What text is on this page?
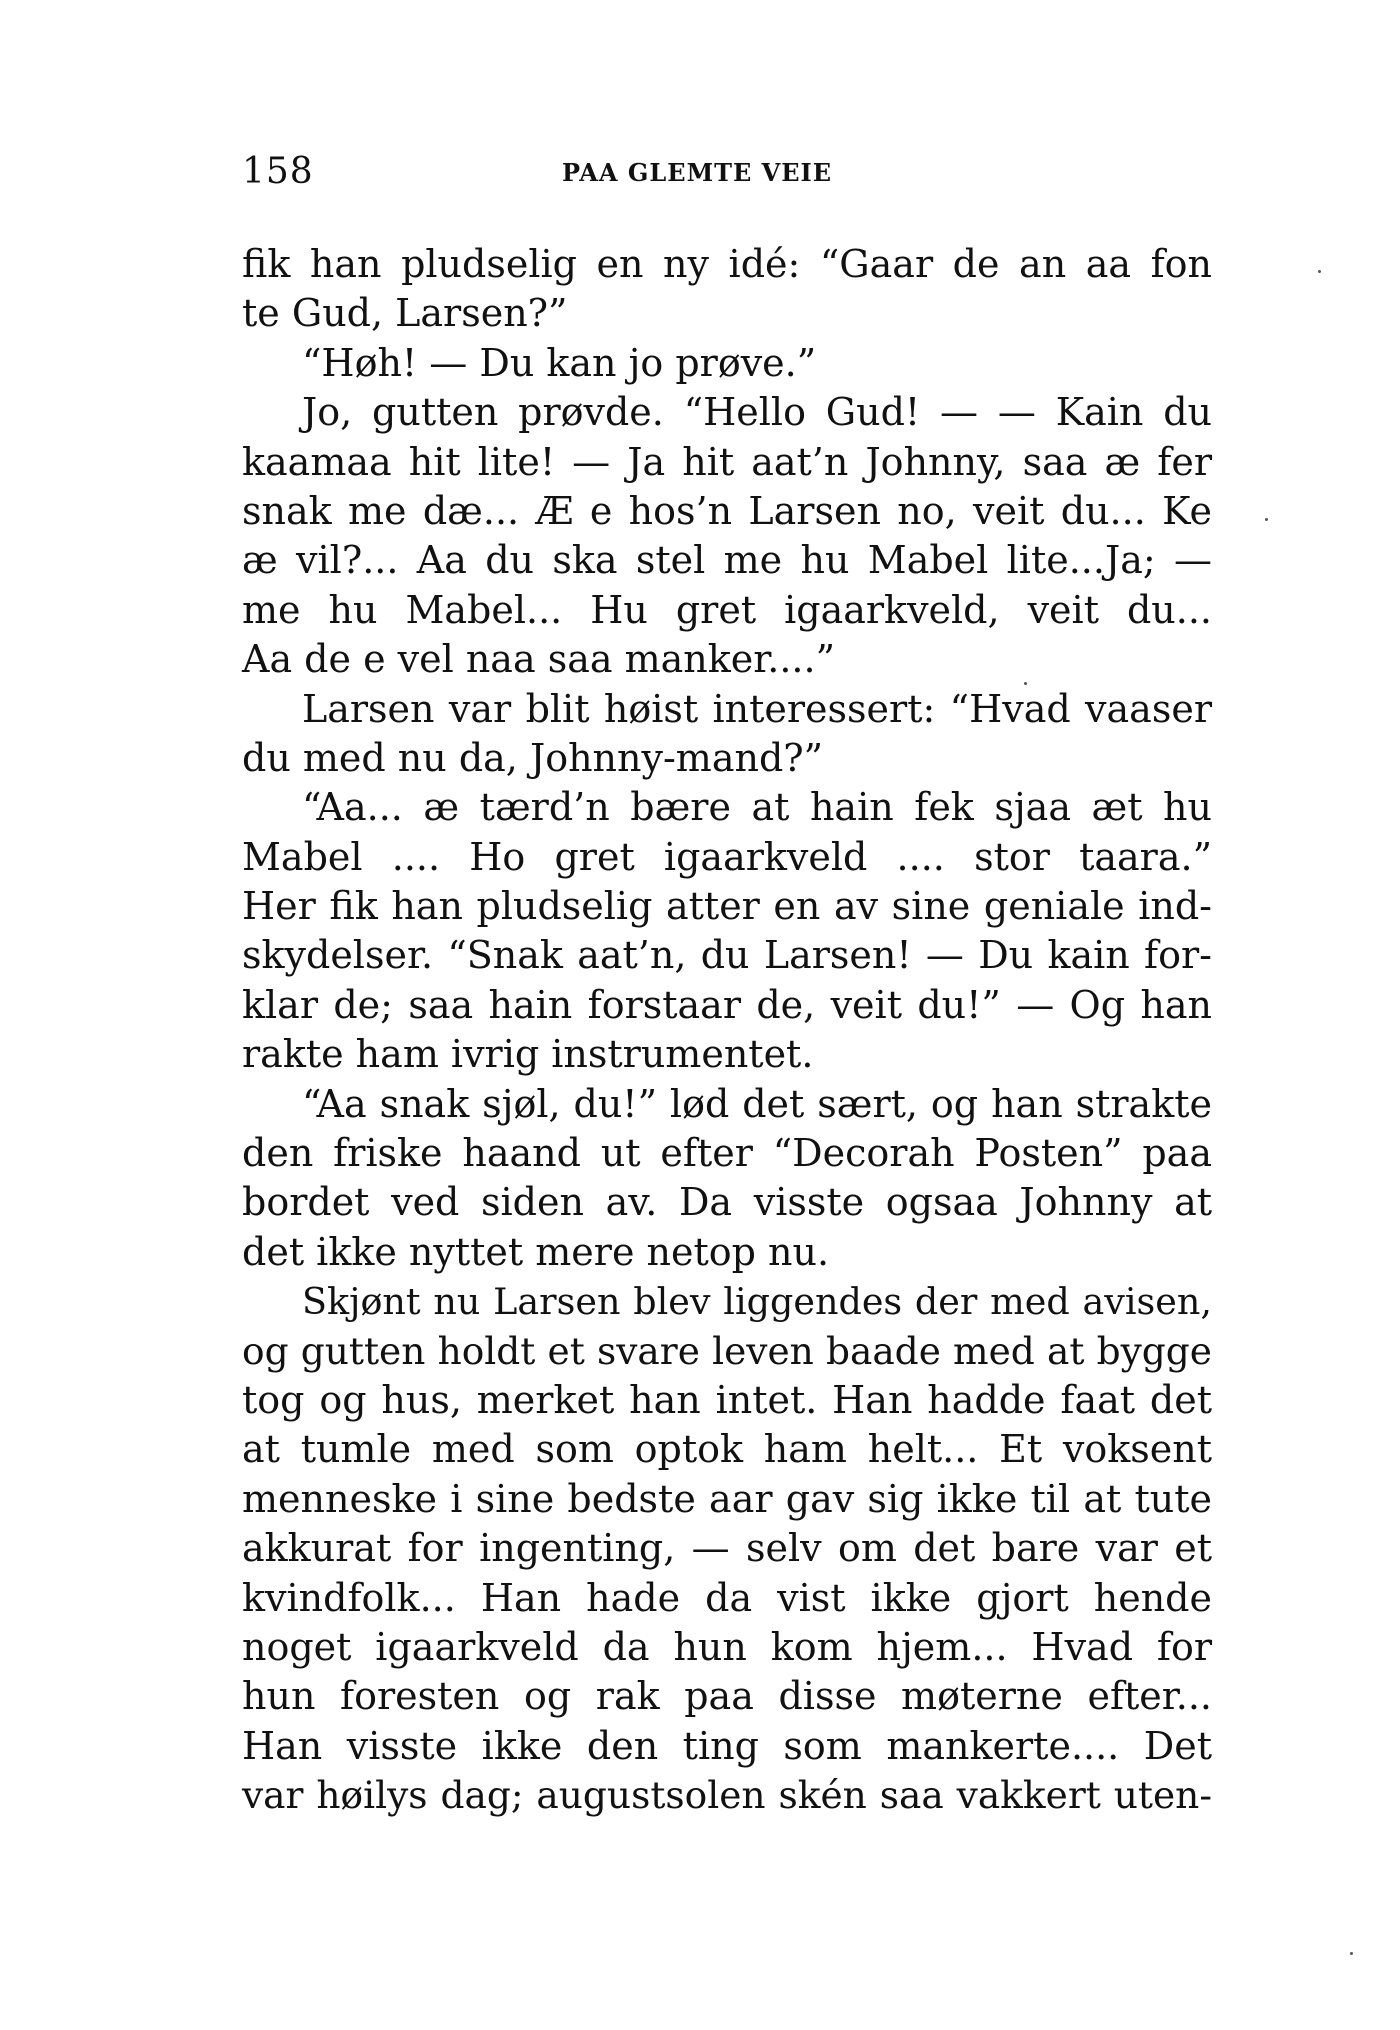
158	PAA GLEMTE VEIE
fik han pludselig en ny idé: “Gaar de an aa fon
te Gud, Larsen?”
“Høh! — Du kan jo prøve.”
Jo, gutten prøvde. “Hello Gud! — — Kain du
kaamaa hit lite! — Ja hit aat’n Johnny, saa æ fer
snak me dæ... Æ e hos’n Larsen no, veit du... Ke
æ vil?... Aa du ska stel me hu Mabel lite...Ja; —
me hu Mabel... Hu gret igaarkveld, veit du...
Aa de e vel naa saa manker....”
Larsen var blit høist interessert: “Hvad vaaser
du med nu da, Johnny-mand?”
“Aa... æ tærd’n bære at hain fek sjaa æt hu
Mabel .... Ho gret igaarkveld .... stor taara.”
Her fik han pludselig atter en av sine geniale ind-
skydelser. “Snak aat’n, du Larsen! — Du kain for-
klar de; saa hain forstaar de, veit du!” — Og han
rakte ham ivrig instrumentet.
“Aa snak sjøl, du!” lød det sært, og han strakte
den friske haand ut efter “Decorah Posten” paa
bordet ved siden av. Da visste ogsaa Johnny at
det ikke nyttet mere netop nu.
Skjønt nu Larsen blev liggendes der med avisen,
og gutten holdt et svare leven baade med at bygge
tog og hus, merket han intet. Han hadde faat det
at tumle med som optok ham helt... Et voksent
menneske i sine bedste aar gav sig ikke til at tute
akkurat for ingenting, — selv om det bare var et
kvindfolk... Han hade da vist ikke gjort hende
noget igaarkveld da hun kom hjem... Hvad for
hun foresten og rak paa disse møterne efter...
Han visste ikke den ting som mankerte.... Det
var høilys dag; augustsolen skén saa vakkert uten-
